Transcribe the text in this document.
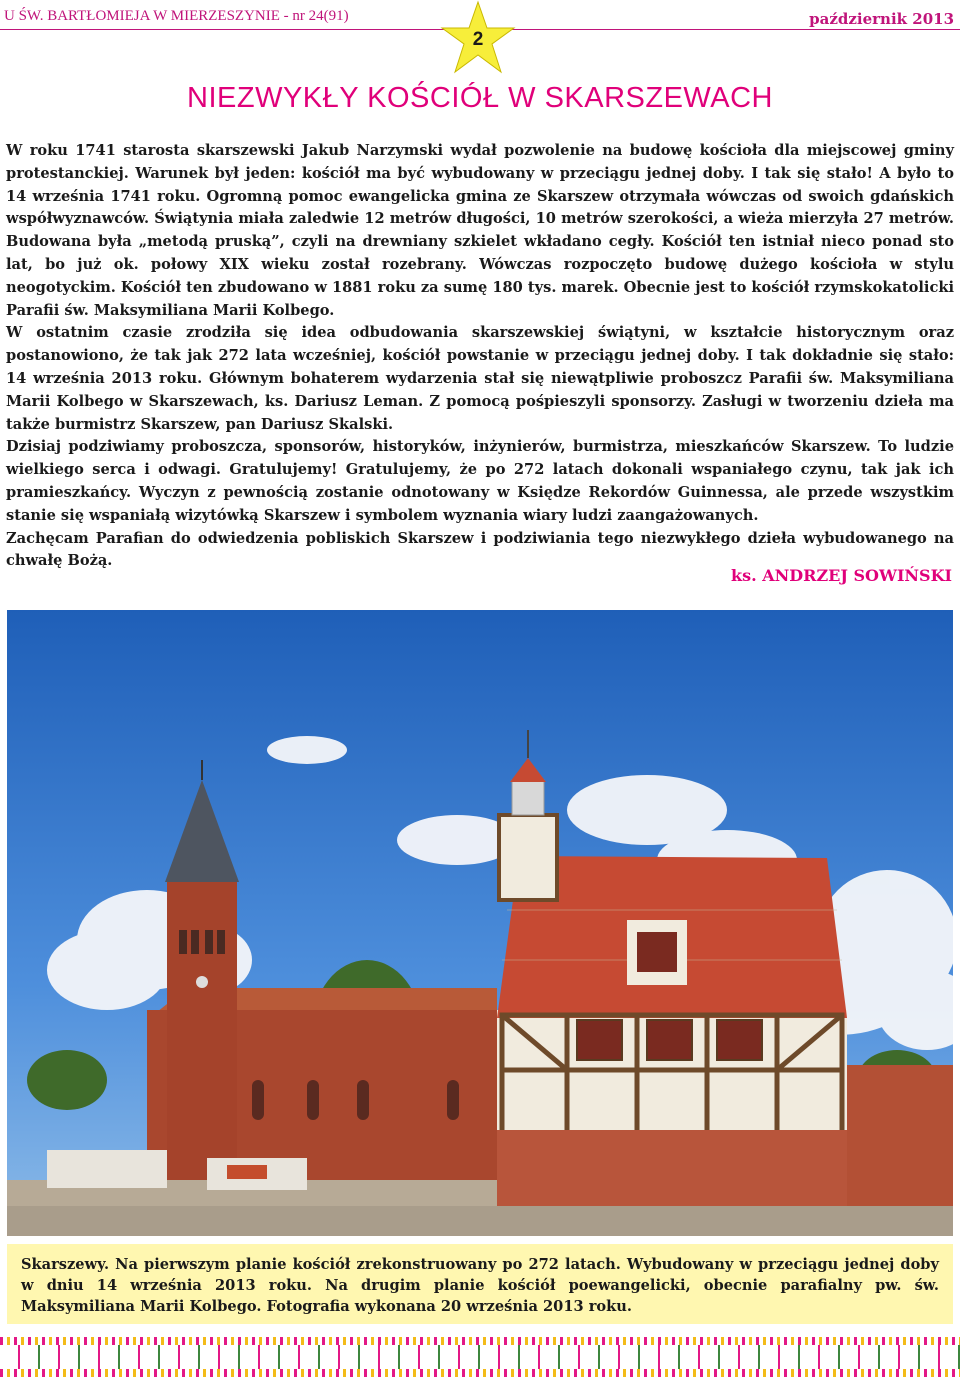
U ŚW. BARTŁOMIEJA W MIERZESZYNIE - nr 24(91)
2
październik 2013
NIEZWYKŁY KOŚCIÓŁ W SKARSZEWACH

W roku 1741 starosta skarszewski Jakub Narzymski wydał pozwolenie na budowę kościoła dla miejscowej gminy protestanckiej. Warunek był jeden: kościół ma być wybudowany w przeciągu jednej doby. I tak się stało! A było to 14 września 1741 roku. Ogromną pomoc ewangelicka gmina ze Skarszew otrzymała wówczas od swoich gdańskich współwyznawców. Świątynia miała zaledwie 12 metrów długości, 10 metrów szerokości, a wieża mierzyła 27 metrów. Budowana była „metodą pruską”, czyli na drewniany szkielet wkładano cegły. Kościół ten istniał nieco ponad sto lat, bo już ok. połowy XIX wieku został rozebrany. Wówczas rozpoczęto budowę dużego kościoła w stylu neogotyckim. Kościół ten zbudowano w 1881 roku za sumę 180 tys. marek. Obecnie jest to kościół rzymskokatolicki Parafii św. Maksymiliana Marii Kolbego.

W ostatnim czasie zrodziła się idea odbudowania skarszewskiej świątyni, w kształcie historycznym oraz postanowiono, że tak jak 272 lata wcześniej, kościół powstanie w przeciągu jednej doby. I tak dokładnie się stało: 14 września 2013 roku. Głównym bohaterem wydarzenia stał się niewątpliwie proboszcz Parafii św. Maksymiliana Marii Kolbego w Skarszewach, ks. Dariusz Leman. Z pomocą pośpieszyli sponsorzy. Zasługi w tworzeniu dzieła ma także burmistrz Skarszew, pan Dariusz Skalski.

Dzisiaj podziwiamy proboszcza, sponsorów, historyków, inżynierów, burmistrza, mieszkańców Skarszew. To ludzie wielkiego serca i odwagi. Gratulujemy! Gratulujemy, że po 272 latach dokonali wspaniałego czynu, tak jak ich pramieszkańcy. Wyczyn z pewnością zostanie odnotowany w Księdze Rekordów Guinnessa, ale przede wszystkim stanie się wspaniałą wizytówką Skarszew i symbolem wyznania wiary ludzi zaangażowanych.

Zachęcam Parafian do odwiedzenia pobliskich Skarszew i podziwiania tego niezwykłego dzieła wybudowanego na chwałę Bożą.

ks. ANDRZEJ SOWIŃSKI
Skarszewy. Na pierwszym planie kościół zrekonstruowany po 272 latach. Wybudowany w przeciągu jednej doby w dniu 14 września 2013 roku. Na drugim planie kościół poewangelicki, obecnie parafialny pw. św. Maksymiliana Marii Kolbego. Fotografia wykonana 20 września 2013 roku.
